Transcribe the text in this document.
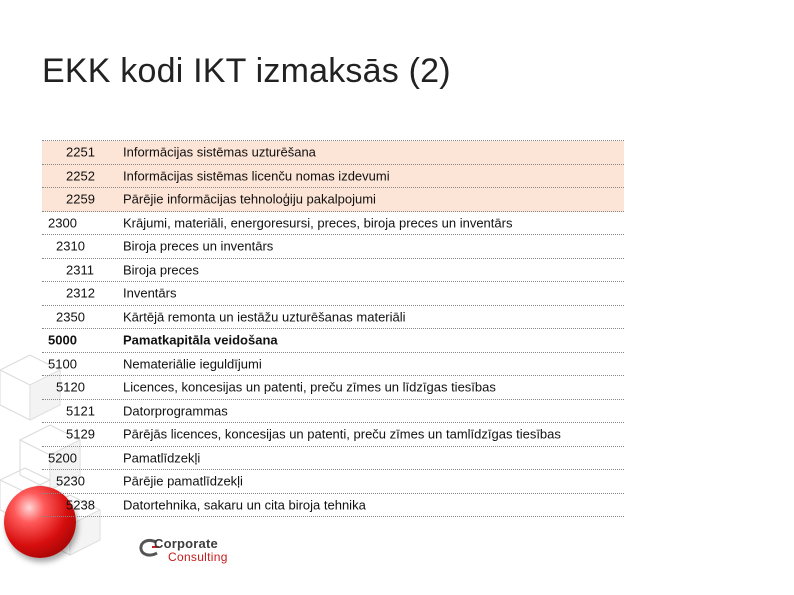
EKK kodi IKT izmaksās (2)
Corporate
Consulting
2251 Informācijas sistēmas uzturēšana
2252 Informācijas sistēmas licenču nomas izdevumi
2259 Pārējie informācijas tehnoloģiju pakalpojumi
2300	Krājumi, materiāli, energoresursi, preces, biroja preces un inventārs
2310	Biroja preces un inventārs
2311 Biroja preces
2312 Inventārs
2350	Kārtējā remonta un iestāžu uzturēšanas materiāli
5000	Pamatkapitāla veidošana
5100	Nemateriālie ieguldījumi
5120	Licences, koncesijas un patenti, preču zīmes un līdzīgas tiesības
5121 Datorprogrammas
5129 Pārējās licences, koncesijas un patenti, preču zīmes un tamlīdzīgas tiesības
5200	Pamatlīdzekļi
5230	Pārējie pamatlīdzekļi
5238 Datortehnika, sakaru un cita biroja tehnika
